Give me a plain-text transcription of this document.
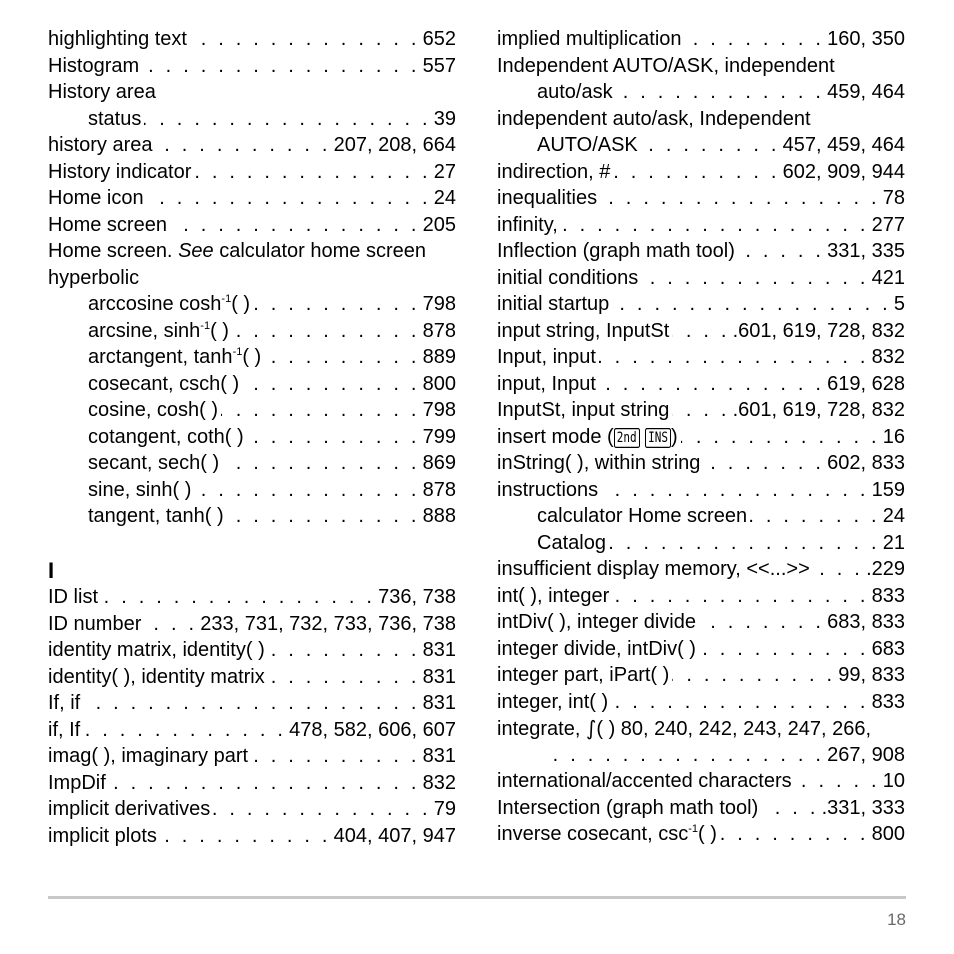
highlighting text . . .	652
Histogram . . .	557
History area
status . . .	39
history area . . .	207, 208, 664
History indicator . . .	27
Home icon . . .	24
Home screen . . .	205
Home screen. See calculator home screen
hyperbolic
arccosine $\cosh^{-1}$( ) . . .	798
arcsine, $\sinh^{-1}$( ) . . .	878
arctangent, $\tanh^{-1}$( ) . . .	889
cosecant, csch( ) . . .	800
cosine, cosh( ) . . .	798
cotangent, coth( ) . . .	799
secant, sech( ) . . .	869
sine, sinh( ) . . .	878
tangent, tanh( ) . . .	888
I
ID list . . .	736, 738
ID number . . .	233, 731, 732, 733, 736, 738
identity matrix, identity( ) . . .	831
identity( ), identity matrix . . .	831
If, if . . .	831
if, If . . .	478, 582, 606, 607
imag( ), imaginary part . . .	831
ImpDif . . .	832
implicit derivatives . . .	79
implicit plots . . .	404, 407, 947
implied multiplication . . .	160, 350
Independent AUTO/ASK, independent
auto/ask . . .	459, 464
independent auto/ask, Independent
AUTO/ASK . . .	457, 459, 464
indirection, # . . .	602, 909, 944
inequalities . . .	78
infinity, . . .	277
Inflection (graph math tool) . . .	331, 335
initial conditions . . .	421
initial startup . . .	5
input string, InputSt . . .	.601, 619, 728, 832
Input, input . . .	832
input, Input . . .	619, 628
InputSt, input string . . .	.601, 619, 728, 832
insert mode ( 2nd INS ) . . .	16
inString( ), within string . . .	602, 833
instructions . . .	159
calculator Home screen . . .	24
Catalog . . .	21
insufficient display memory, <<...>> . . .	.229
int( ), integer . . .	833
intDiv( ), integer divide . . .	683, 833
integer divide, intDiv( ) . . .	683
integer part, iPart( ) . . .	99, 833
integer, int( ) . . .	833
integrate, ∫( ) 80, 240, 242, 243, 247, 266,
. . .
267, 908
international/accented characters . . .	10
Intersection (graph math tool) . . .	.331, 333
inverse cosecant, $\csc^{-1}$( ) . . .	800
18
